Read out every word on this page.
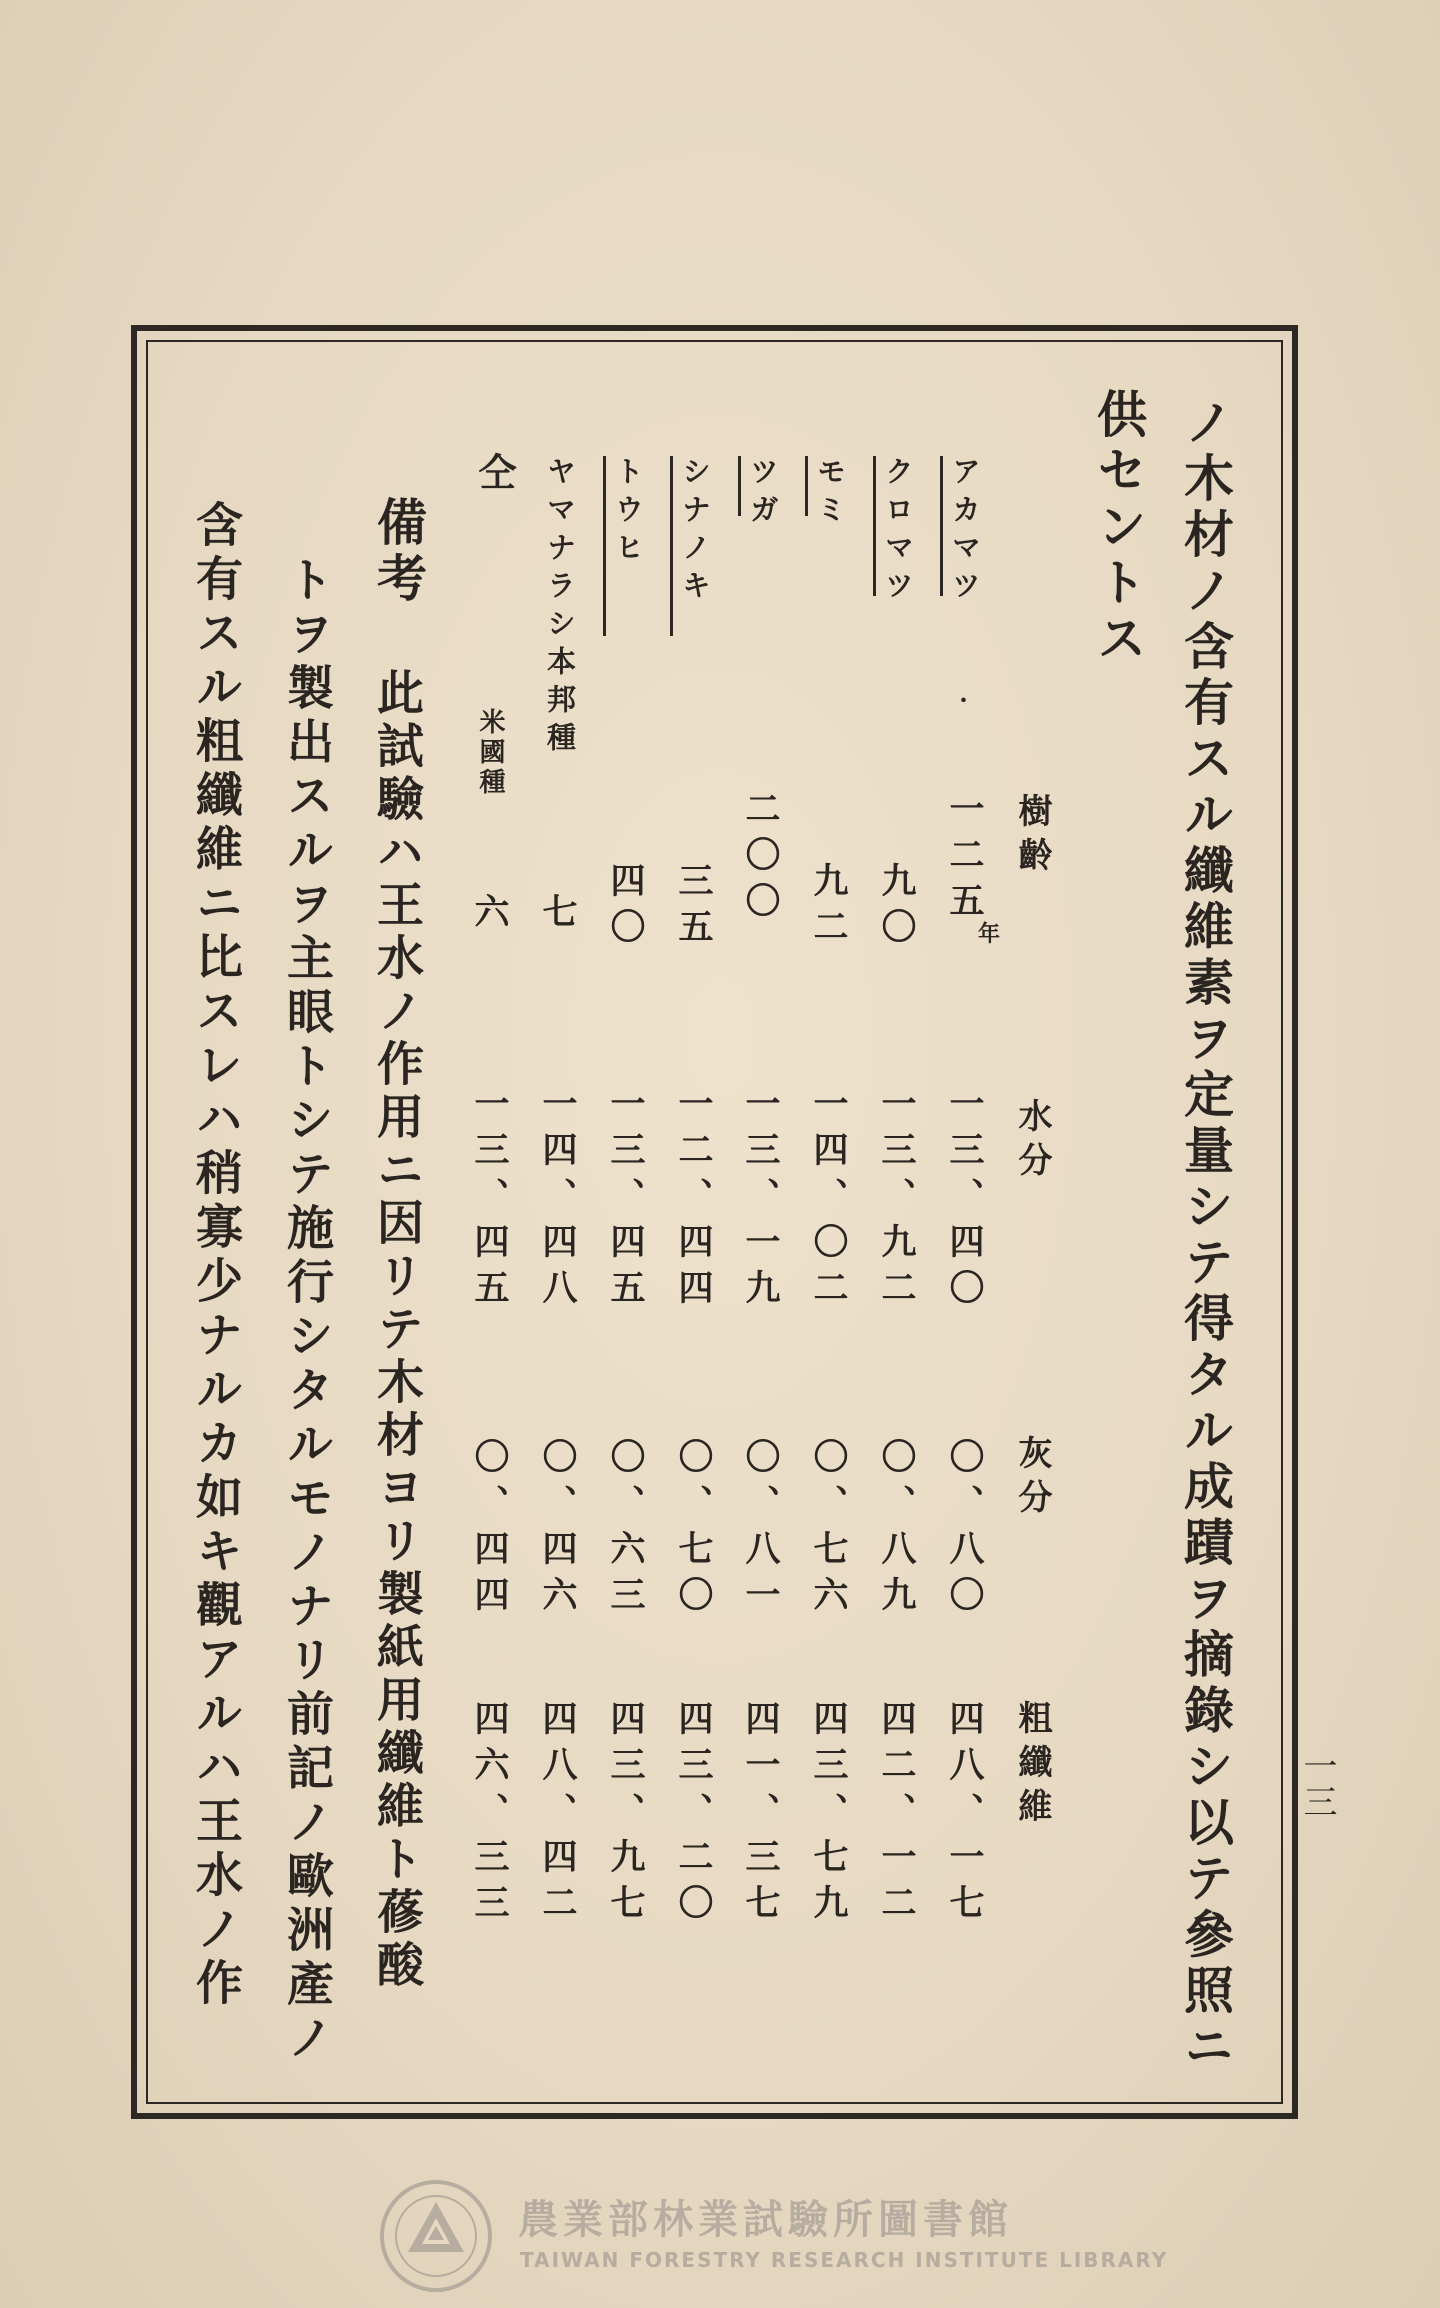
一三
ノ木材ノ含有スル纖維素ヲ定量シテ得タル成蹟ヲ摘錄シ以テ參照ニ
供セントス
樹齡
水分
灰分
粗纖維
アカマツ
・
一二五
年
一三、四〇
〇、八〇
四八、一七
クロマツ
九〇
一三、九二
〇、八九
四二、一二
モミ
九二
一四、〇二
〇、七六
四三、七九
ツガ
二〇〇
一三、一九
〇、八一
四一、三七
シナノキ
三五
一二、四四
〇、七〇
四三、二〇
トウヒ
四〇
一三、四五
〇、六三
四三、九七
ヤマナラシ本邦種
七
一四、四八
〇、四六
四八、四二
仝
米國種
六
一三、四五
〇、四四
四六、三三
備考
此試驗ハ王水ノ作用ニ因リテ木材ヨリ製紙用纖維ト蓚酸
トヲ製出スルヲ主眼トシテ施行シタルモノナリ前記ノ歐洲產ノ
含有スル粗纖維ニ比スレハ稍寡少ナルカ如キ觀アルハ王水ノ作
農業部林業試驗所圖書館
TAIWAN FORESTRY RESEARCH INSTITUTE LIBRARY
